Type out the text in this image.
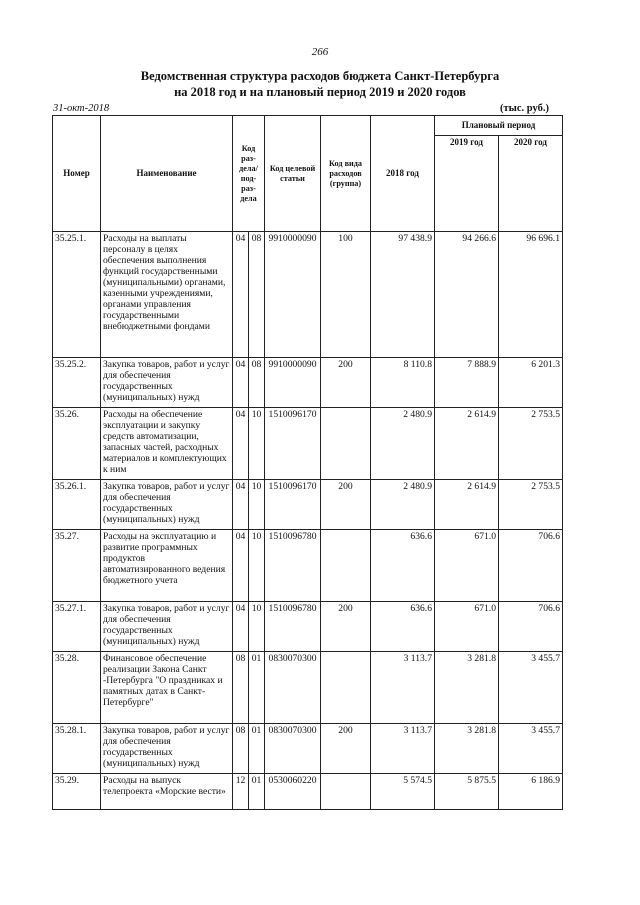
266
Ведомственная структура расходов бюджета Санкт-Петербурга
на 2018 год и на плановый период 2019 и 2020 годов
31-окт-2018	(тыс. руб.)
Номер	Наименование	Код раз-дела/ под-раз-дела		Код целевой статьи	Код вида расходов (группа)	2018 год	Плановый период	
							2019 год	2020 год
35.25.1.	Расходы на выплаты персоналу в целях обеспечения выполнения функций государственными (муниципальными) органами, казенными учреждениями, органами управления государственными внебюджетными фондами	04	08	9910000090	100	97 438.9	94 266.6	96 696.1
35.25.2.	Закупка товаров, работ и услуг для обеспечения государственных (муниципальных) нужд	04	08	9910000090	200	8 110.8	7 888.9	6 201.3
35.26.	Расходы на обеспечение эксплуатации и закупку средств автоматизации, запасных частей, расходных материалов и комплектующих к ним	04	10	1510096170		2 480.9	2 614.9	2 753.5
35.26.1.	Закупка товаров, работ и услуг для обеспечения государственных (муниципальных) нужд	04	10	1510096170	200	2 480.9	2 614.9	2 753.5
35.27.	Расходы на эксплуатацию и развитие программных продуктов автоматизированного ведения бюджетного учета	04	10	1510096780		636.6	671.0	706.6
35.27.1.	Закупка товаров, работ и услуг для обеспечения государственных (муниципальных) нужд	04	10	1510096780	200	636.6	671.0	706.6
35.28.	Финансовое обеспечение реализации Закона Санкт -Петербурга "О праздниках и памятных датах в Санкт-Петербурге"	08	01	0830070300		3 113.7	3 281.8	3 455.7
35.28.1.	Закупка товаров, работ и услуг для обеспечения государственных (муниципальных) нужд	08	01	0830070300	200	3 113.7	3 281.8	3 455.7
35.29.	Расходы на выпуск телепроекта «Морские вести»	12	01	0530060220		5 574.5	5 875.5	6 186.9
